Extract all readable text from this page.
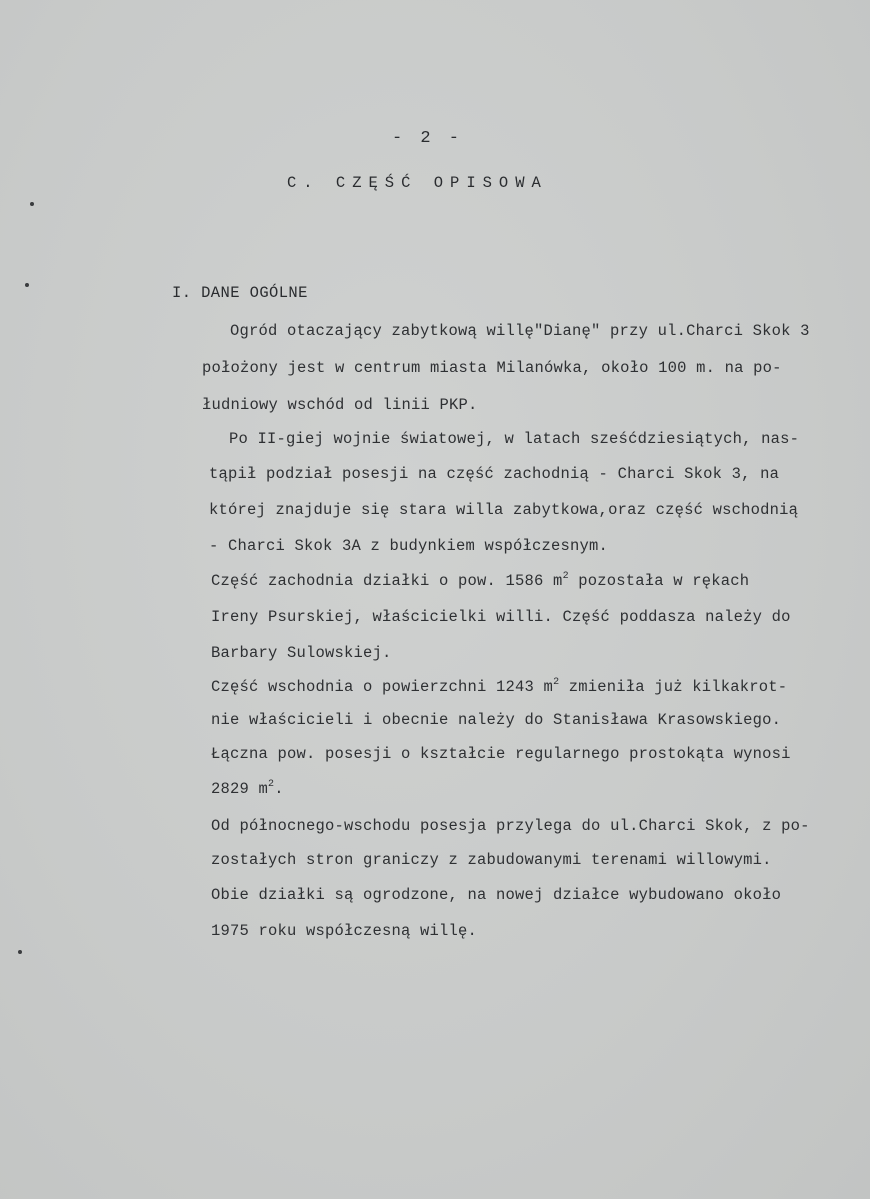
- 2 -
C. CZĘŚĆ OPISOWA
I. DANE OGÓLNE
Ogród otaczający zabytkową willę"Dianę" przy ul.Charci Skok 3
położony jest w centrum miasta Milanówka, około 100 m. na po-
łudniowy wschód od linii PKP.
Po II-giej wojnie światowej, w latach sześćdziesiątych, nas-
tąpił podział posesji na część zachodnią - Charci Skok 3, na
której znajduje się stara willa zabytkowa,oraz część wschodnią
- Charci Skok 3A z budynkiem współczesnym.
Część zachodnia działki o pow. 1586 $m^2$ pozostała w rękach
Ireny Psurskiej, właścicielki willi. Część poddasza należy do
Barbary Sulowskiej.
Część wschodnia o powierzchni 1243 $m^2$ zmieniła już kilkakrot-
nie właścicieli i obecnie należy do Stanisława Krasowskiego.
Łączna pow. posesji o kształcie regularnego prostokąta wynosi
2829 $m^2$.
Od północnego-wschodu posesja przylega do ul.Charci Skok, z po-
zostałych stron graniczy z zabudowanymi terenami willowymi.
Obie działki są ogrodzone, na nowej działce wybudowano około
1975 roku współczesną willę.
